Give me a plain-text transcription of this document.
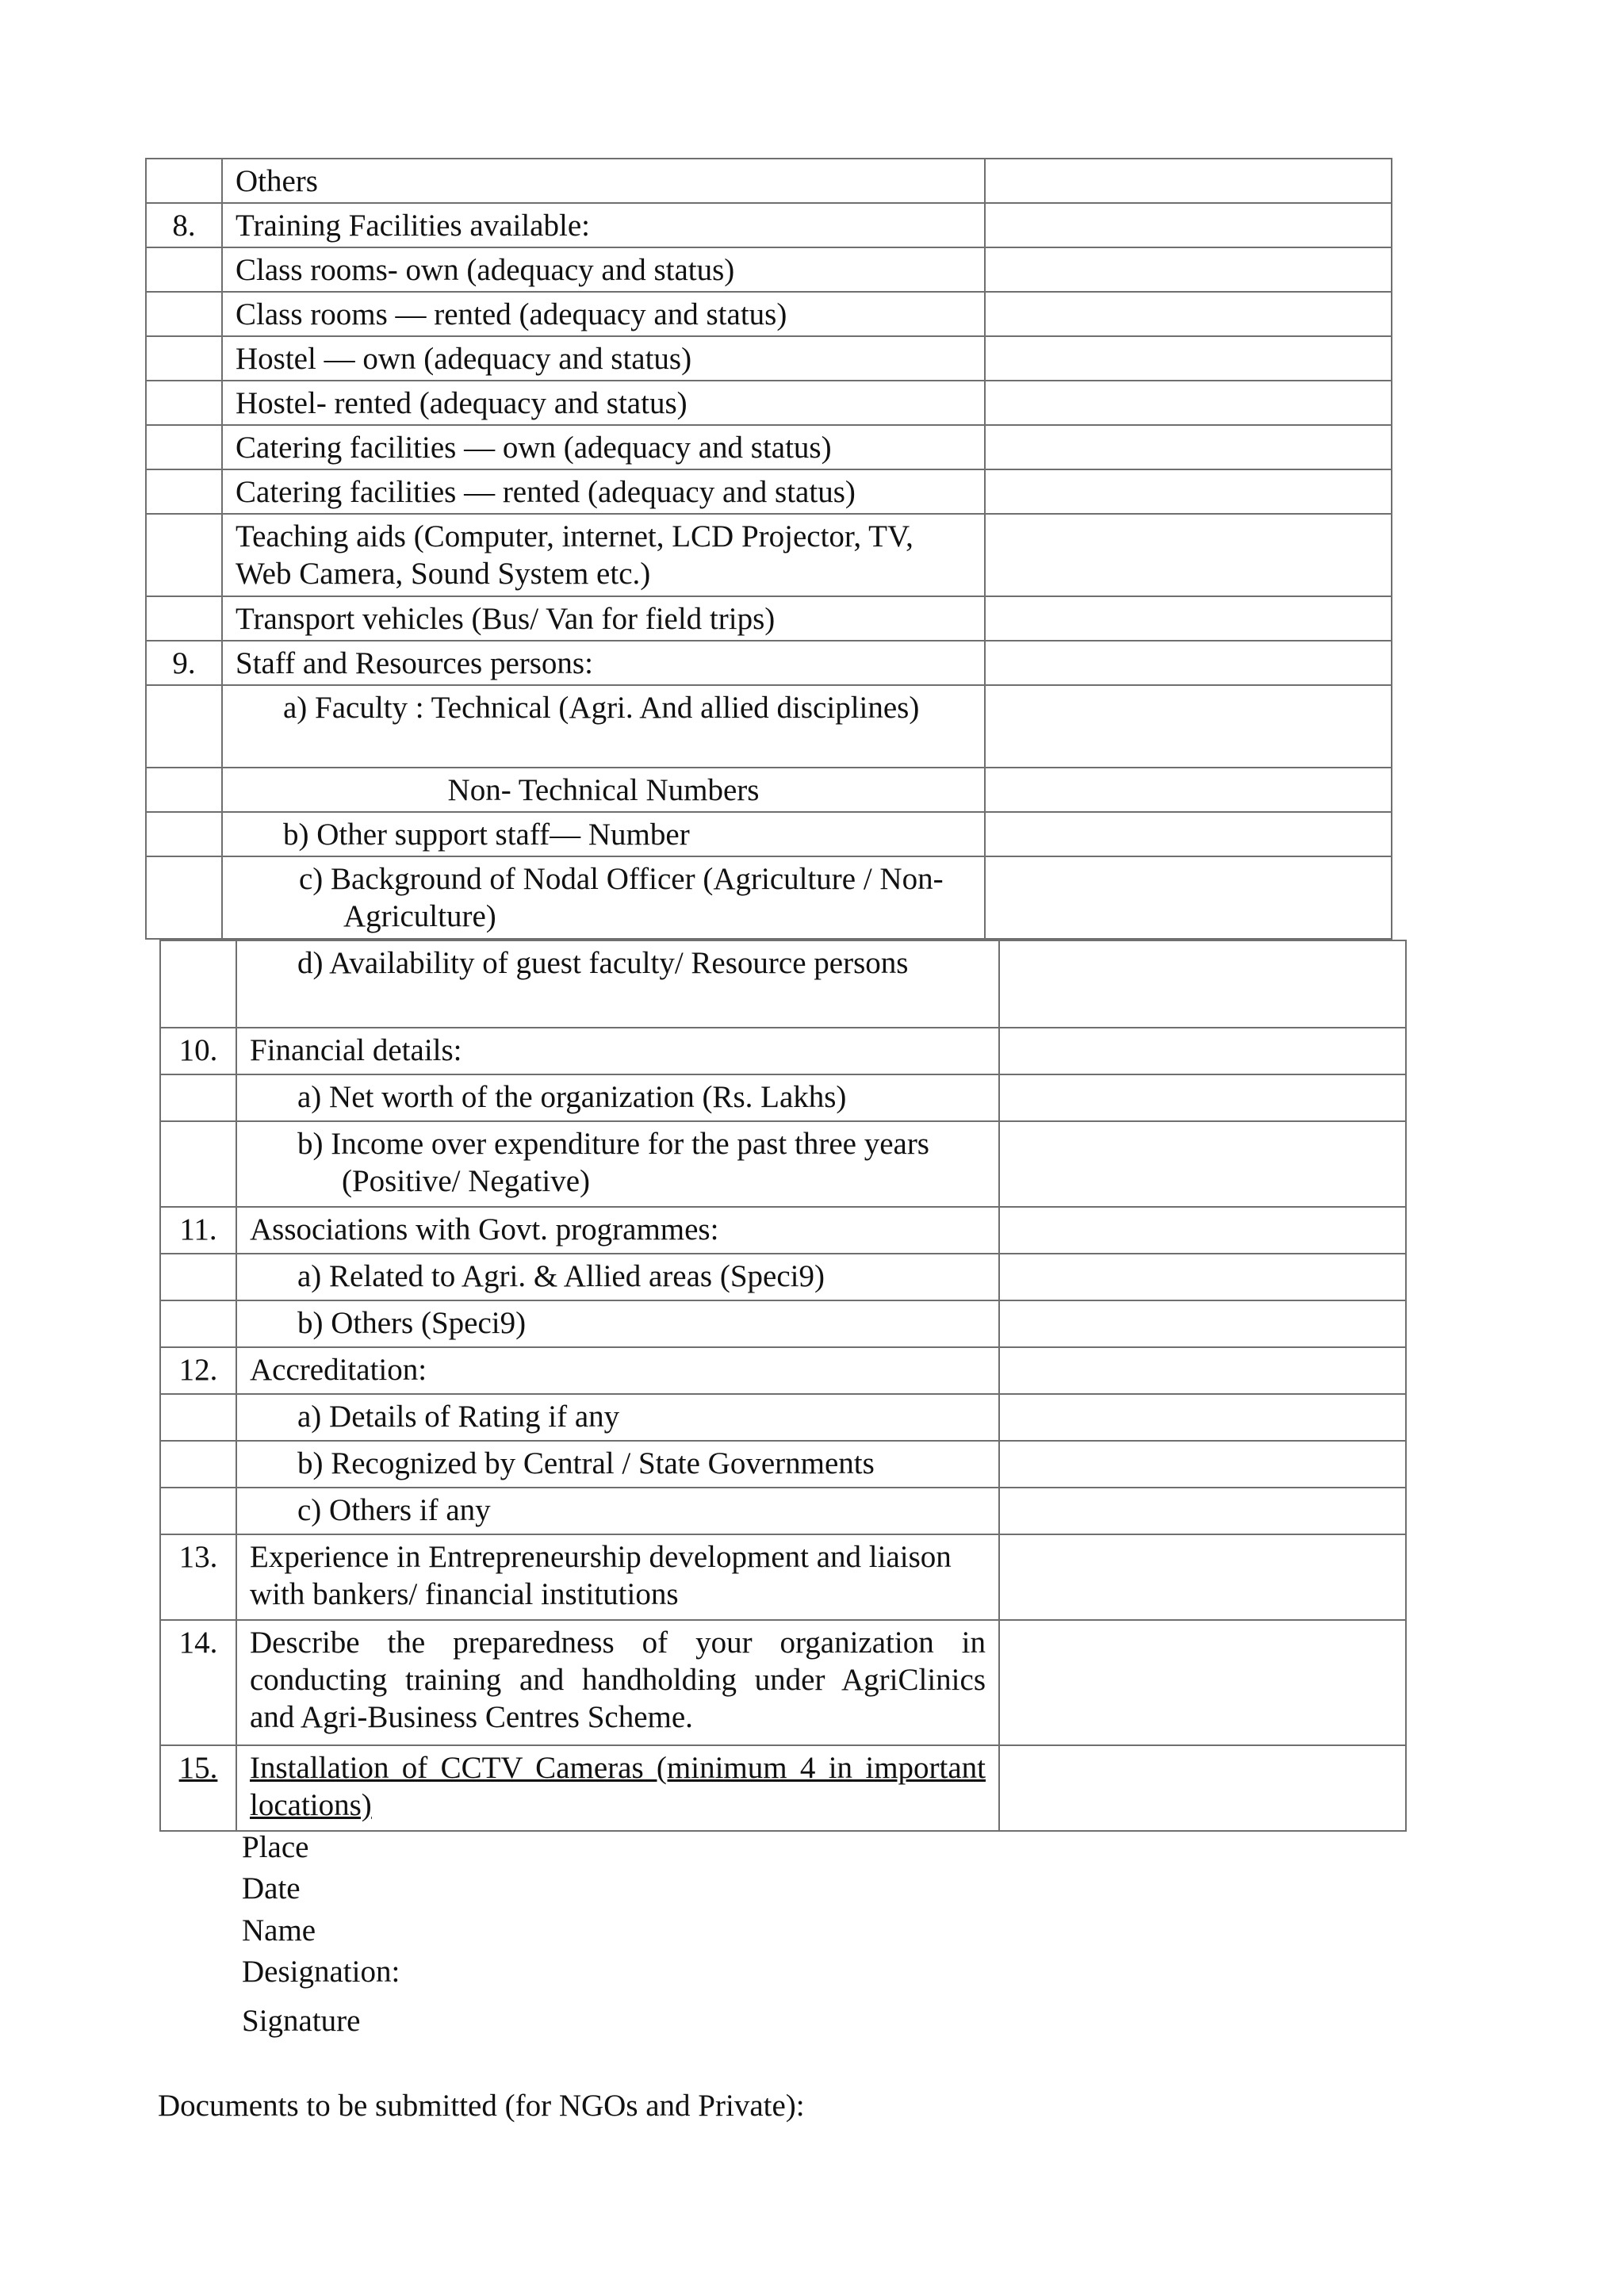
	Others	
8.	Training Facilities available:	
	Class rooms- own (adequacy and status)	
	Class rooms — rented (adequacy and status)	
	Hostel — own (adequacy and status)	
	Hostel- rented (adequacy and status)	
	Catering facilities — own (adequacy and status)	
	Catering facilities — rented (adequacy and status)	
	Teaching aids (Computer, internet, LCD Projector, TV, Web Camera, Sound System etc.)	
	Transport vehicles (Bus/ Van for field trips)	
9.	Staff and Resources persons:	

	a) Faculty : Technical (Agri. And allied disciplines)	

	Non- Technical Numbers	
	b) Other support staff— Number	

	c) Background of Nodal Officer (Agriculture / Non-Agriculture)	

	d) Availability of guest faculty/ Resource persons	
10.	Financial details:	
	a) Net worth of the organization (Rs. Lakhs)	

	b) Income over expenditure for the past three years (Positive/ Negative)	

11.	Associations with Govt. programmes:	
	a) Related to Agri. & Allied areas (Speci9)	
	b) Others (Speci9)	
12.	Accreditation:	
	a) Details of Rating if any	
	b) Recognized by Central / State Governments	
	c) Others if any	
13.	Experience in Entrepreneurship development and liaison with bankers/ financial institutions	
14.	Describe the preparedness of your organization in conducting training and handholding under AgriClinics and Agri-Business Centres Scheme.	
15.	Installation of CCTV Cameras (minimum 4 in important locations)	
Place
Date
Name
Designation:
Signature
Documents to be submitted (for NGOs and Private):
